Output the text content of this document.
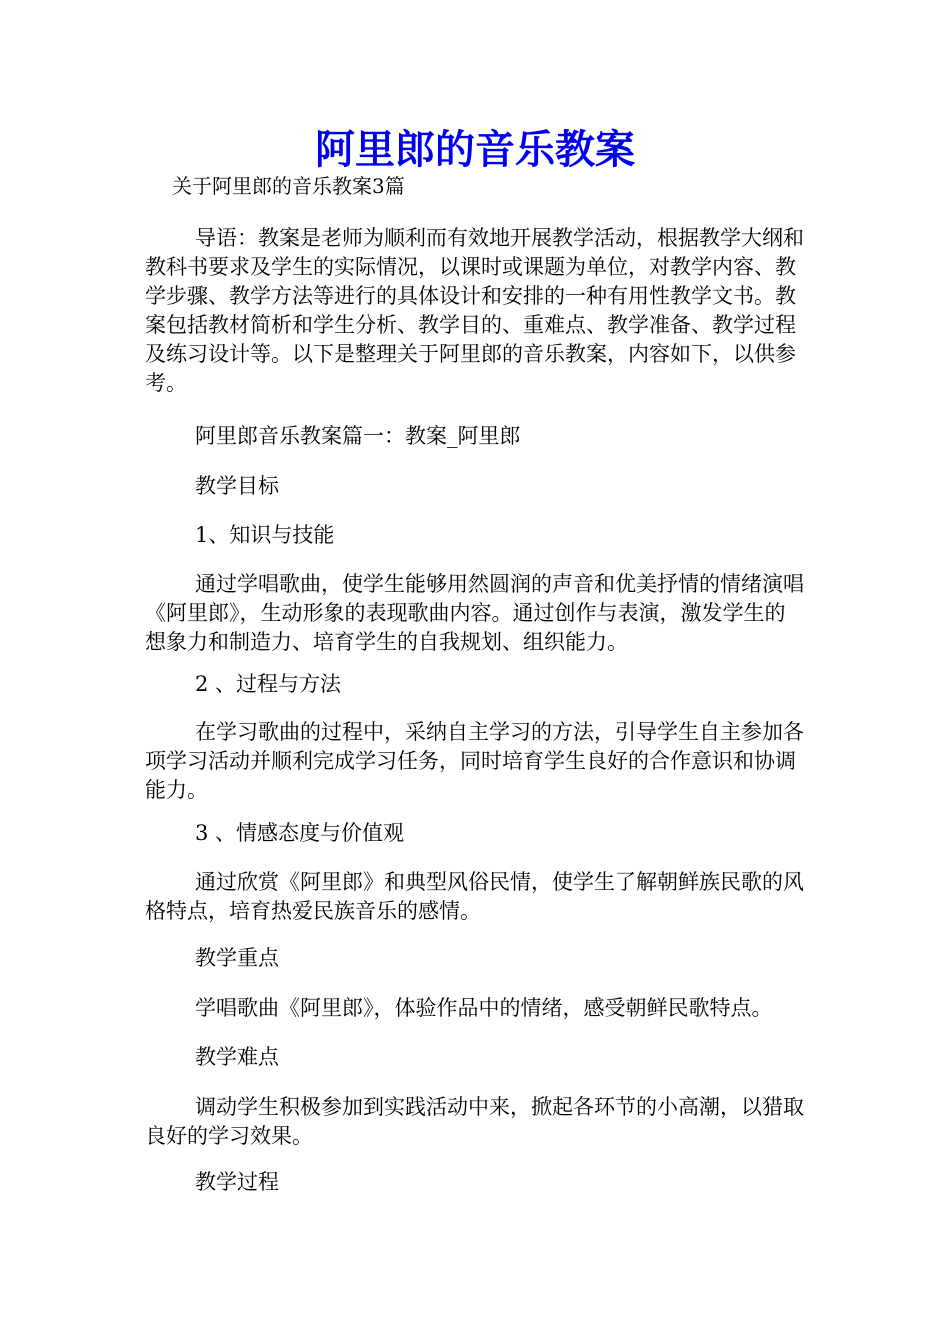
阿里郎的音乐教案

关于阿里郎的音乐教案3篇

导语：教案是老师为顺利而有效地开展教学活动，根据教学大纲和教科书要求及学生的实际情况，以课时或课题为单位，对教学内容、教学步骤、教学方法等进行的具体设计和安排的一种有用性教学文书。教案包括教材简析和学生分析、教学目的、重难点、教学准备、教学过程及练习设计等。以下是整理关于阿里郎的音乐教案，内容如下，以供参考。

阿里郎音乐教案篇一：教案_阿里郎

教学目标

1、知识与技能

通过学唱歌曲，使学生能够用然圆润的声音和优美抒情的情绪演唱《阿里郎》，生动形象的表现歌曲内容。通过创作与表演，激发学生的想象力和制造力、培育学生的自我规划、组织能力。

2 、过程与方法

在学习歌曲的过程中，采纳自主学习的方法，引导学生自主参加各项学习活动并顺利完成学习任务，同时培育学生良好的合作意识和协调能力。

3 、情感态度与价值观

通过欣赏《阿里郎》和典型风俗民情，使学生了解朝鲜族民歌的风格特点，培育热爱民族音乐的感情。

教学重点

学唱歌曲《阿里郎》，体验作品中的情绪，感受朝鲜民歌特点。

教学难点

调动学生积极参加到实践活动中来，掀起各环节的小高潮，以猎取良好的学习效果。

教学过程
